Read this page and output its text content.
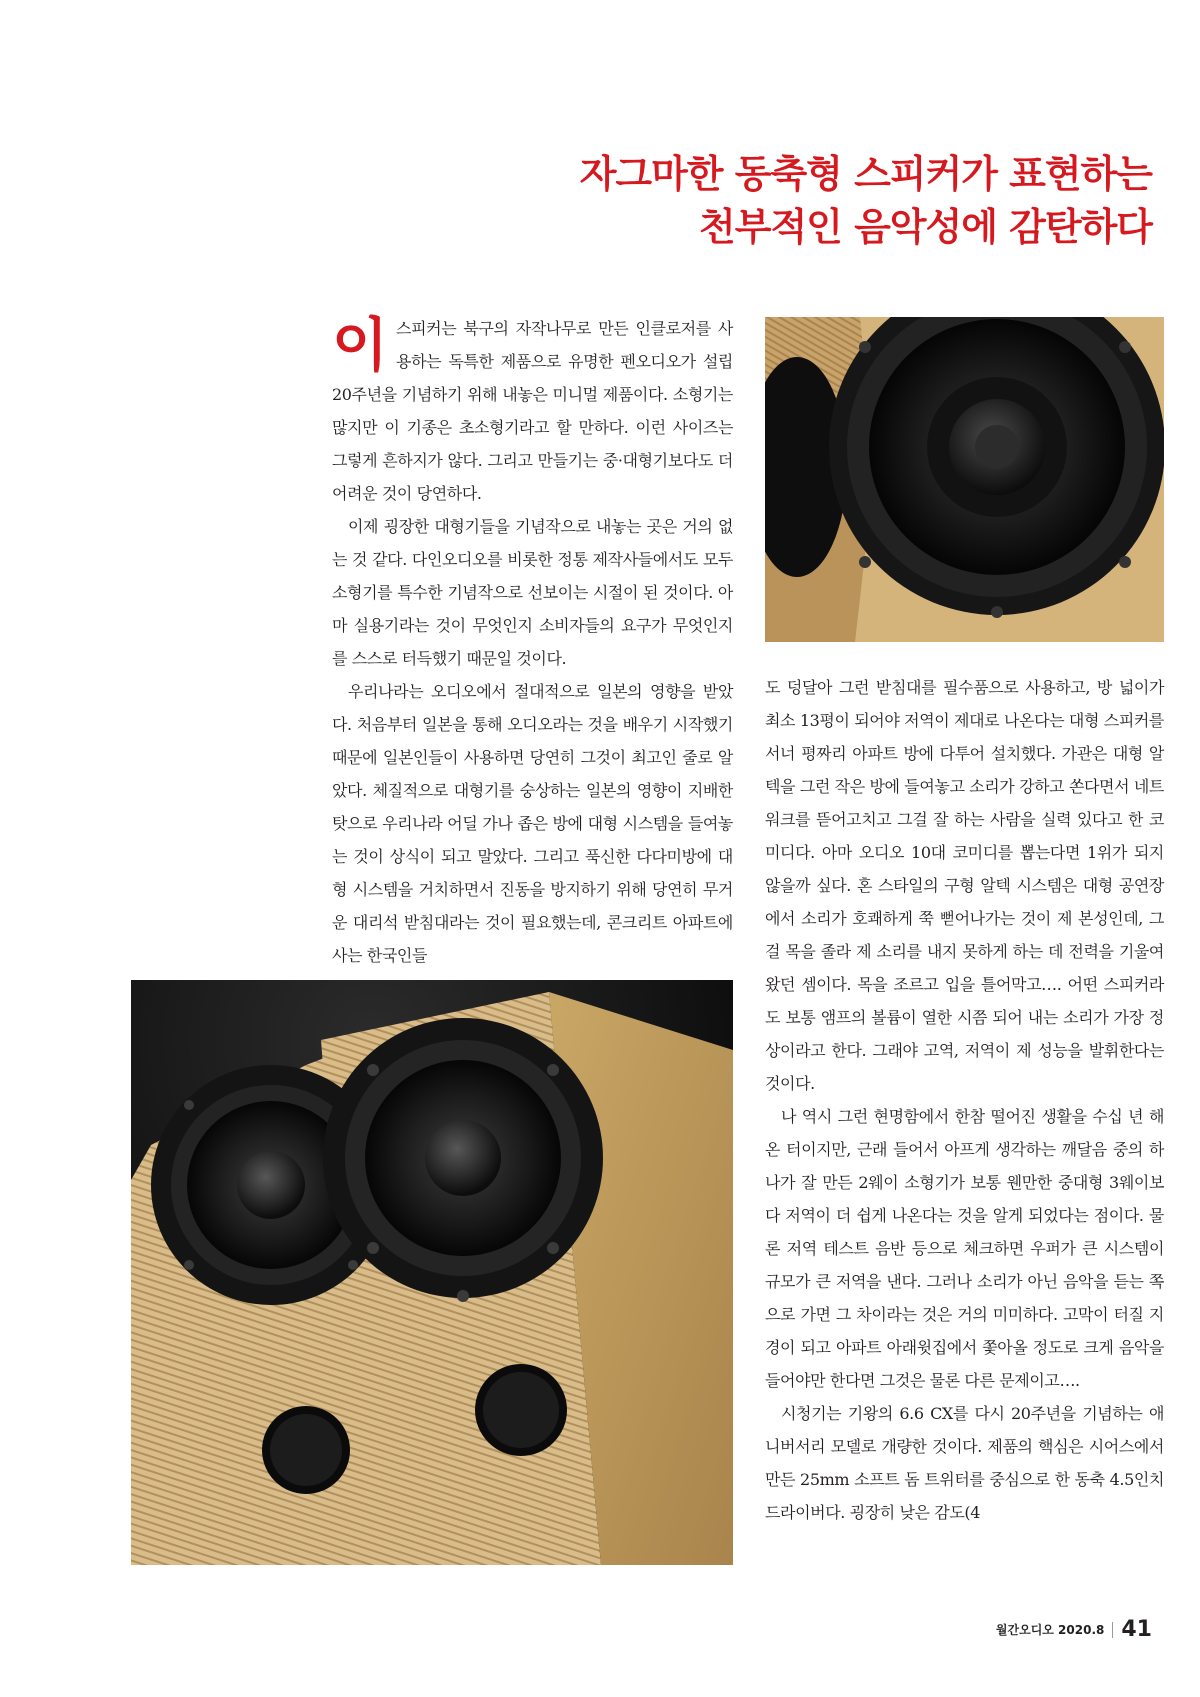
자그마한 동축형 스피커가 표현하는
천부적인 음악성에 감탄하다

이스피커는 북구의 자작나무로 만든 인클로저를 사용하는 독특한 제품으로 유명한 펜오디오가 설립 20주년을 기념하기 위해 내놓은 미니멀 제품이다. 소형기는 많지만 이 기종은 초소형기라고 할 만하다. 이런 사이즈는 그렇게 흔하지가 않다. 그리고 만들기는 중·대형기보다도 더 어려운 것이 당연하다.

이제 굉장한 대형기들을 기념작으로 내놓는 곳은 거의 없는 것 같다. 다인오디오를 비롯한 정통 제작사들에서도 모두 소형기를 특수한 기념작으로 선보이는 시절이 된 것이다. 아마 실용기라는 것이 무엇인지 소비자들의 요구가 무엇인지를 스스로 터득했기 때문일 것이다.

우리나라는 오디오에서 절대적으로 일본의 영향을 받았다. 처음부터 일본을 통해 오디오라는 것을 배우기 시작했기 때문에 일본인들이 사용하면 당연히 그것이 최고인 줄로 알았다. 체질적으로 대형기를 숭상하는 일본의 영향이 지배한 탓으로 우리나라 어딜 가나 좁은 방에 대형 시스템을 들여놓는 것이 상식이 되고 말았다. 그리고 푹신한 다다미방에 대형 시스템을 거치하면서 진동을 방지하기 위해 당연히 무거운 대리석 받침대라는 것이 필요했는데, 콘크리트 아파트에 사는 한국인들

도 덩달아 그런 받침대를 필수품으로 사용하고, 방 넓이가 최소 13평이 되어야 저역이 제대로 나온다는 대형 스피커를 서너 평짜리 아파트 방에 다투어 설치했다. 가관은 대형 알텍을 그런 작은 방에 들여놓고 소리가 강하고 쏜다면서 네트워크를 뜯어고치고 그걸 잘 하는 사람을 실력 있다고 한 코미디다. 아마 오디오 10대 코미디를 뽑는다면 1위가 되지 않을까 싶다. 혼 스타일의 구형 알텍 시스템은 대형 공연장에서 소리가 호쾌하게 쭉 뻗어나가는 것이 제 본성인데, 그걸 목을 졸라 제 소리를 내지 못하게 하는 데 전력을 기울여 왔던 셈이다. 목을 조르고 입을 틀어막고…. 어떤 스피커라도 보통 앰프의 볼륨이 열한 시쯤 되어 내는 소리가 가장 정상이라고 한다. 그래야 고역, 저역이 제 성능을 발휘한다는 것이다.

나 역시 그런 현명함에서 한참 떨어진 생활을 수십 년 해 온 터이지만, 근래 들어서 아프게 생각하는 깨달음 중의 하나가 잘 만든 2웨이 소형기가 보통 웬만한 중대형 3웨이보다 저역이 더 쉽게 나온다는 것을 알게 되었다는 점이다. 물론 저역 테스트 음반 등으로 체크하면 우퍼가 큰 시스템이 규모가 큰 저역을 낸다. 그러나 소리가 아닌 음악을 듣는 쪽으로 가면 그 차이라는 것은 거의 미미하다. 고막이 터질 지경이 되고 아파트 아래윗집에서 쫓아올 정도로 크게 음악을 들어야만 한다면 그것은 물론 다른 문제이고….

시청기는 기왕의 6.6 CX를 다시 20주년을 기념하는 애니버서리 모델로 개량한 것이다. 제품의 핵심은 시어스에서 만든 25mm 소프트 돔 트위터를 중심으로 한 동축 4.5인치 드라이버다. 굉장히 낮은 감도(4

월간오디오 2020.8 41
